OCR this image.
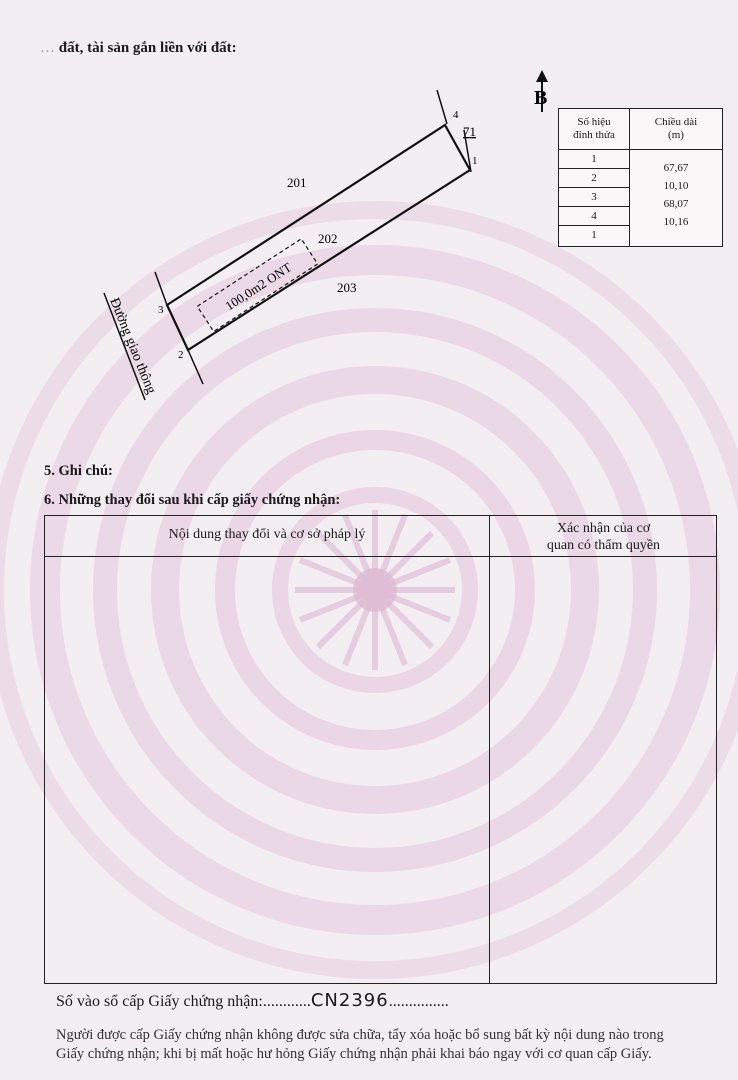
… đất, tài sản gắn liền với đất:
B
100,0m2 ONT
201
202
203
71
1
2
3
4
Đường giao thông
Số hiệu
đỉnh thửa
Chiều dài
(m)
1
2
3
4
1
67,67
10,10
68,07
10,16
5. Ghi chú:
6. Những thay đổi sau khi cấp giấy chứng nhận:
Nội dung thay đổi và cơ sở pháp lý	Xác nhận của cơ
quan có thẩm quyền
Số vào sổ cấp Giấy chứng nhận:............CN2396...............
Người được cấp Giấy chứng nhận không được sửa chữa, tẩy xóa hoặc bổ sung bất kỳ nội dung nào trong
Giấy chứng nhận; khi bị mất hoặc hư hỏng Giấy chứng nhận phải khai báo ngay với cơ quan cấp Giấy.
